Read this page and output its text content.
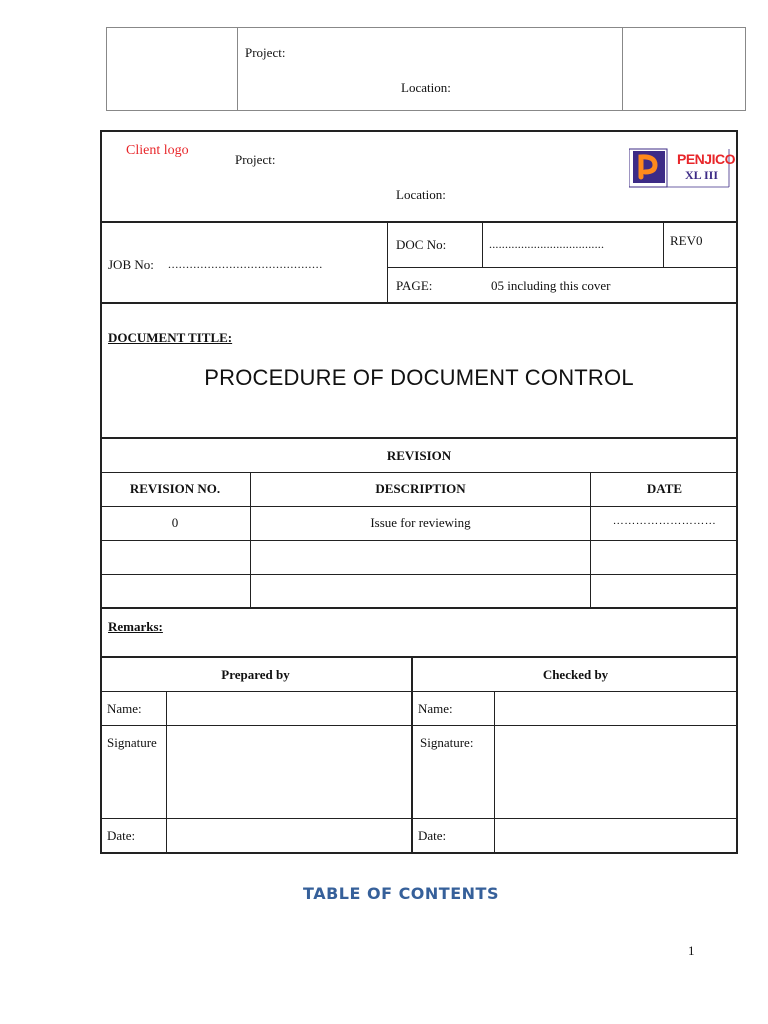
Project:
Location:
Client logo
Project:
Location:
PENJICO
XL III
JOB No: ...........................................
DOC No:	....................................	REV0
PAGE:	05 including this cover
DOCUMENT TITLE:
PROCEDURE OF DOCUMENT CONTROL
REVISION
REVISION NO.	DESCRIPTION	DATE
0	Issue for reviewing	………………………
Remarks:
Prepared by	Checked by
Name:	Name:
Signature	Signature:
Date:	Date:
TABLE OF CONTENTS
1
